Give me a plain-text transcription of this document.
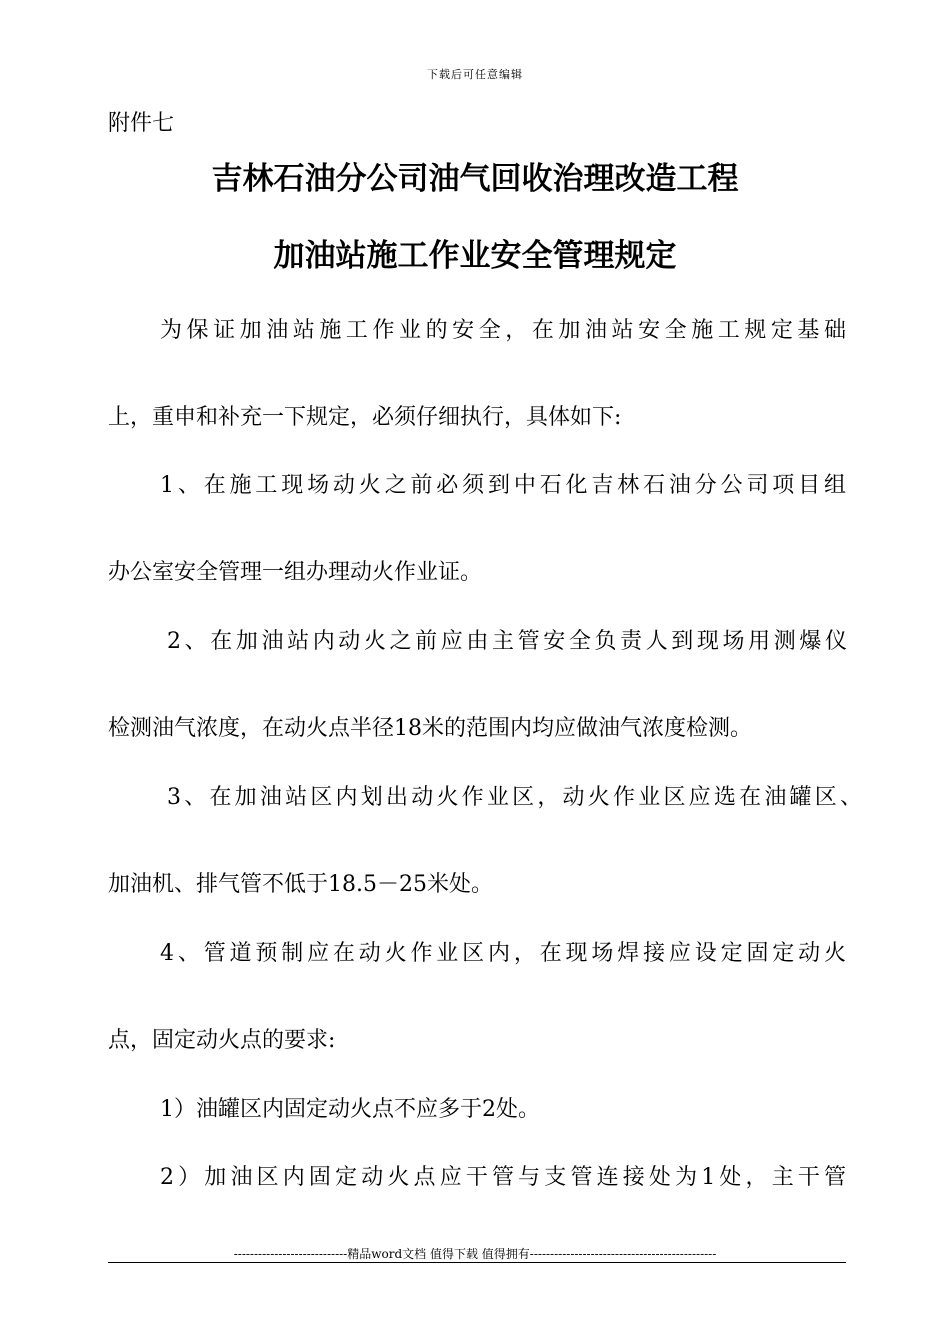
下载后可任意编辑
附件七
吉林石油分公司油气回收治理改造工程
加油站施工作业安全管理规定
为保证加油站施工作业的安全，在加油站安全施工规定基础
上，重申和补充一下规定，必须仔细执行，具体如下:
1、在施工现场动火之前必须到中石化吉林石油分公司项目组
办公室安全管理一组办理动火作业证。
2、在加油站内动火之前应由主管安全负责人到现场用测爆仪
检测油气浓度，在动火点半径18米的范围内均应做油气浓度检测。
3、在加油站区内划出动火作业区，动火作业区应选在油罐区、
加油机、排气管不低于18.5－25米处。
4、管道预制应在动火作业区内，在现场焊接应设定固定动火
点，固定动火点的要求:
1）油罐区内固定动火点不应多于2处。
2）加油区内固定动火点应干管与支管连接处为1处，主干管
----------------------------精品word文档 值得下载 值得拥有----------------------------------------------
